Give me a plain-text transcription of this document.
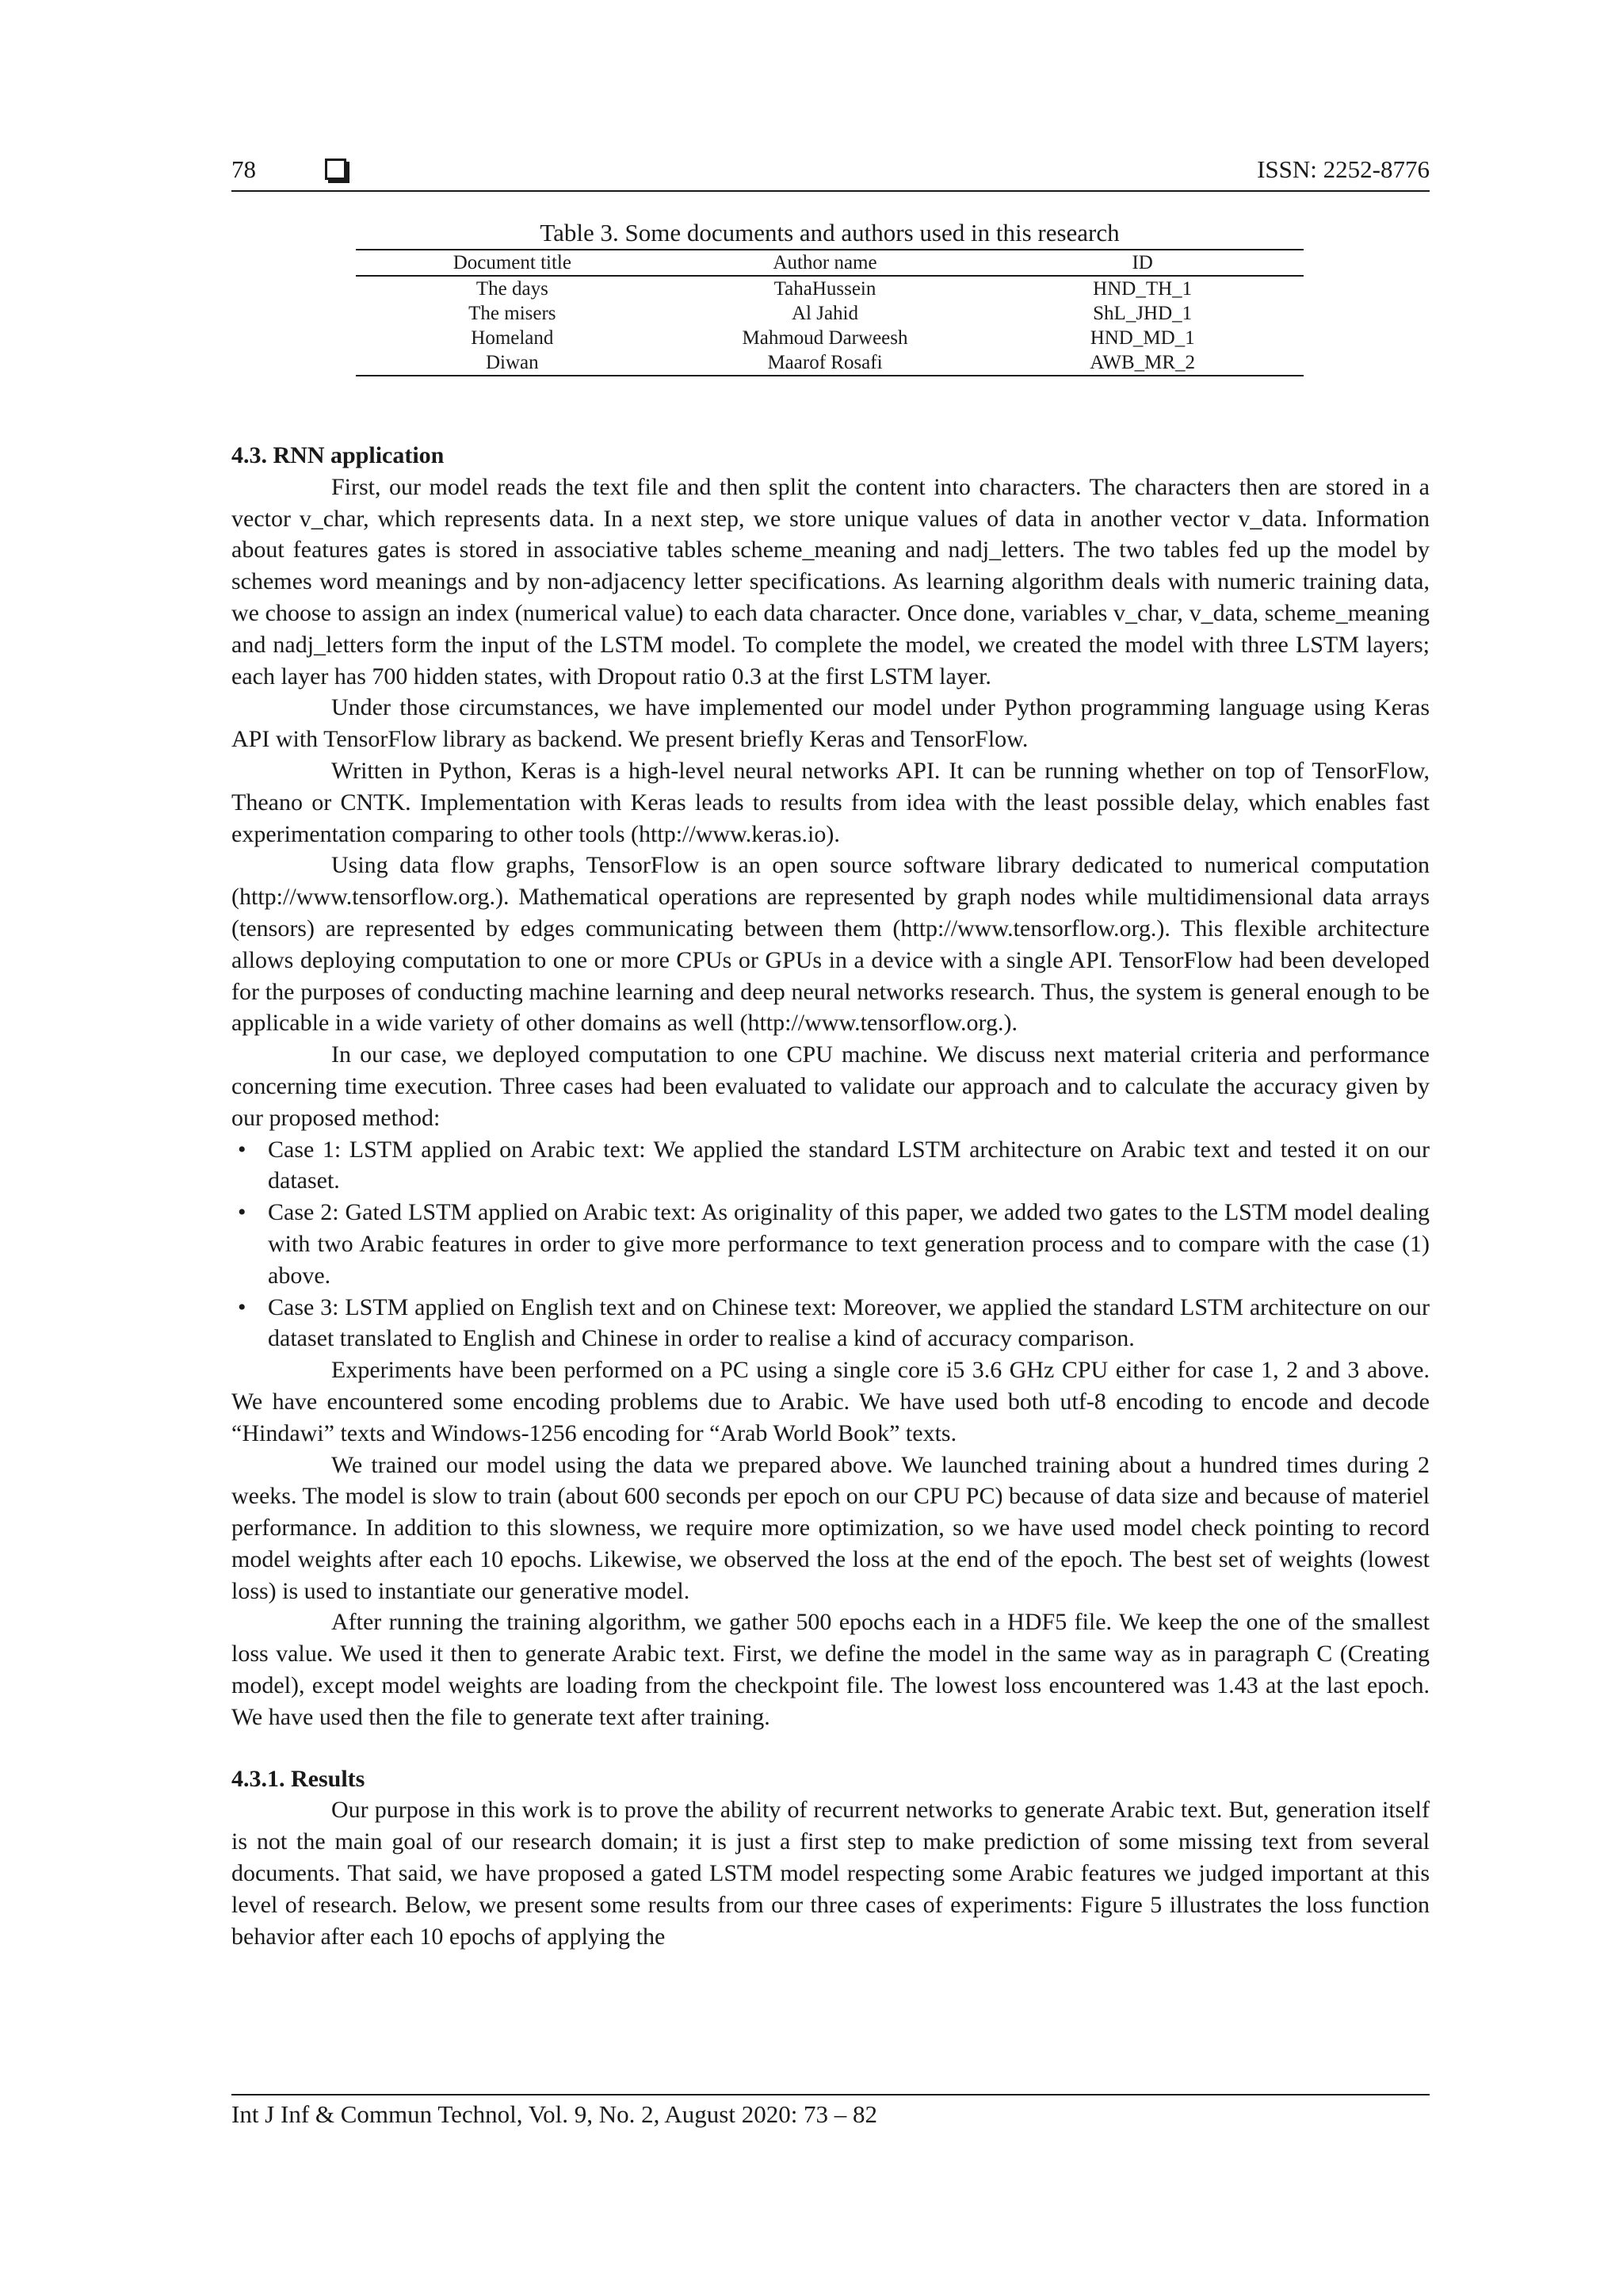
78	ISSN: 2252-8776
Table 3. Some documents and authors used in this research
Document title	Author name	ID
The days	TahaHussein	HND_TH_1
The misers	Al Jahid	ShL_JHD_1
Homeland	Mahmoud Darweesh	HND_MD_1
Diwan	Maarof Rosafi	AWB_MR_2

4.3. RNN application

First, our model reads the text file and then split the content into characters. The characters then are stored in a vector v_char, which represents data. In a next step, we store unique values of data in another vector v_data. Information about features gates is stored in associative tables scheme_meaning and nadj_letters. The two tables fed up the model by schemes word meanings and by non-adjacency letter specifications. As learning algorithm deals with numeric training data, we choose to assign an index (numerical value) to each data character. Once done, variables v_char, v_data, scheme_meaning and nadj_letters form the input of the LSTM model. To complete the model, we created the model with three LSTM layers; each layer has 700 hidden states, with Dropout ratio 0.3 at the first LSTM layer.

Under those circumstances, we have implemented our model under Python programming language using Keras API with TensorFlow library as backend. We present briefly Keras and TensorFlow.

Written in Python, Keras is a high-level neural networks API. It can be running whether on top of TensorFlow, Theano or CNTK. Implementation with Keras leads to results from idea with the least possible delay, which enables fast experimentation comparing to other tools (http://www.keras.io).

Using data flow graphs, TensorFlow is an open source software library dedicated to numerical computation (http://www.tensorflow.org.). Mathematical operations are represented by graph nodes while multidimensional data arrays (tensors) are represented by edges communicating between them (http://www.tensorflow.org.). This flexible architecture allows deploying computation to one or more CPUs or GPUs in a device with a single API. TensorFlow had been developed for the purposes of conducting machine learning and deep neural networks research. Thus, the system is general enough to be applicable in a wide variety of other domains as well (http://www.tensorflow.org.).

In our case, we deployed computation to one CPU machine. We discuss next material criteria and performance concerning time execution. Three cases had been evaluated to validate our approach and to calculate the accuracy given by our proposed method:

• Case 1: LSTM applied on Arabic text: We applied the standard LSTM architecture on Arabic text and tested it on our dataset.
• Case 2: Gated LSTM applied on Arabic text: As originality of this paper, we added two gates to the LSTM model dealing with two Arabic features in order to give more performance to text generation process and to compare with the case (1) above.
• Case 3: LSTM applied on English text and on Chinese text: Moreover, we applied the standard LSTM architecture on our dataset translated to English and Chinese in order to realise a kind of accuracy comparison.

Experiments have been performed on a PC using a single core i5 3.6 GHz CPU either for case 1, 2 and 3 above. We have encountered some encoding problems due to Arabic. We have used both utf-8 encoding to encode and decode “Hindawi” texts and Windows-1256 encoding for “Arab World Book” texts.

We trained our model using the data we prepared above. We launched training about a hundred times during 2 weeks. The model is slow to train (about 600 seconds per epoch on our CPU PC) because of data size and because of materiel performance. In addition to this slowness, we require more optimization, so we have used model check pointing to record model weights after each 10 epochs. Likewise, we observed the loss at the end of the epoch. The best set of weights (lowest loss) is used to instantiate our generative model.

After running the training algorithm, we gather 500 epochs each in a HDF5 file. We keep the one of the smallest loss value. We used it then to generate Arabic text. First, we define the model in the same way as in paragraph C (Creating model), except model weights are loading from the checkpoint file. The lowest loss encountered was 1.43 at the last epoch. We have used then the file to generate text after training.

4.3.1. Results

Our purpose in this work is to prove the ability of recurrent networks to generate Arabic text. But, generation itself is not the main goal of our research domain; it is just a first step to make prediction of some missing text from several documents. That said, we have proposed a gated LSTM model respecting some Arabic features we judged important at this level of research. Below, we present some results from our three cases of experiments: Figure 5 illustrates the loss function behavior after each 10 epochs of applying the

Int J Inf & Commun Technol, Vol. 9, No. 2, August 2020: 73 – 82
